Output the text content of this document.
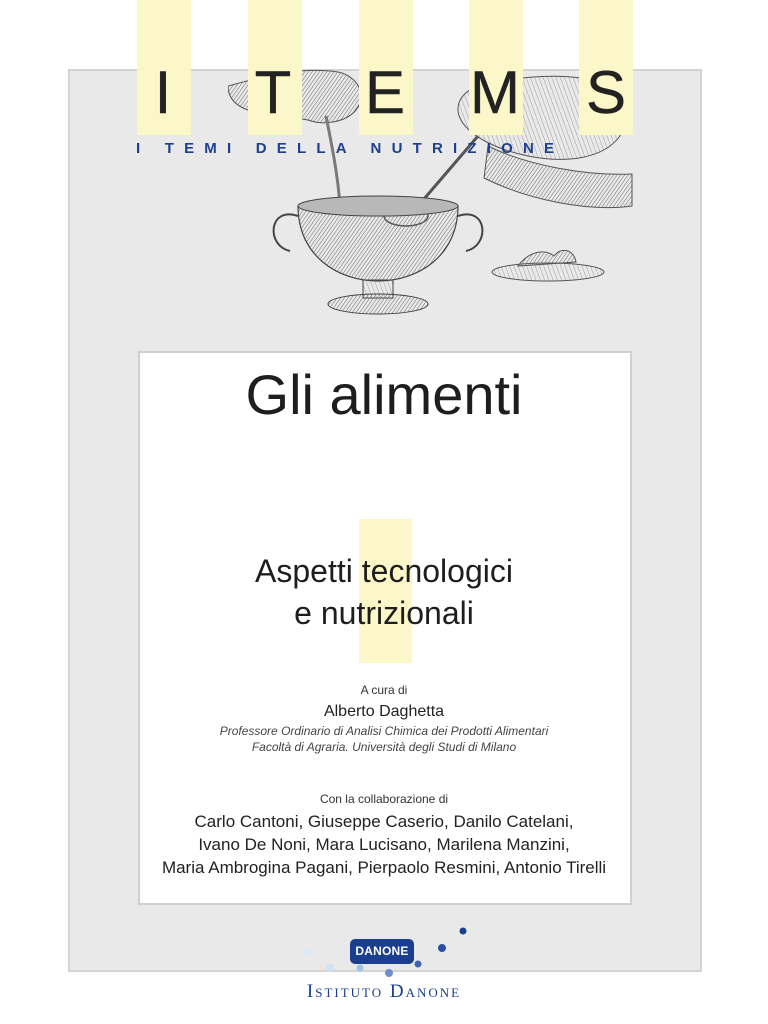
I	T E M S
I TEMI DELLA NUTRIZIONE
Gli alimenti
Aspetti tecnologici
e nutrizionali
A cura di
Alberto Daghetta
Professore Ordinario di Analisi Chimica dei Prodotti Alimentari
Facoltà di Agraria. Università degli Studi di Milano
Con la collaborazione di
Carlo Cantoni, Giuseppe Caserio, Danilo Catelani,
Ivano De Noni, Mara Lucisano, Marilena Manzini,
Maria Ambrogina Pagani, Pierpaolo Resmini, Antonio Tirelli
DANONE
Istituto Danone
